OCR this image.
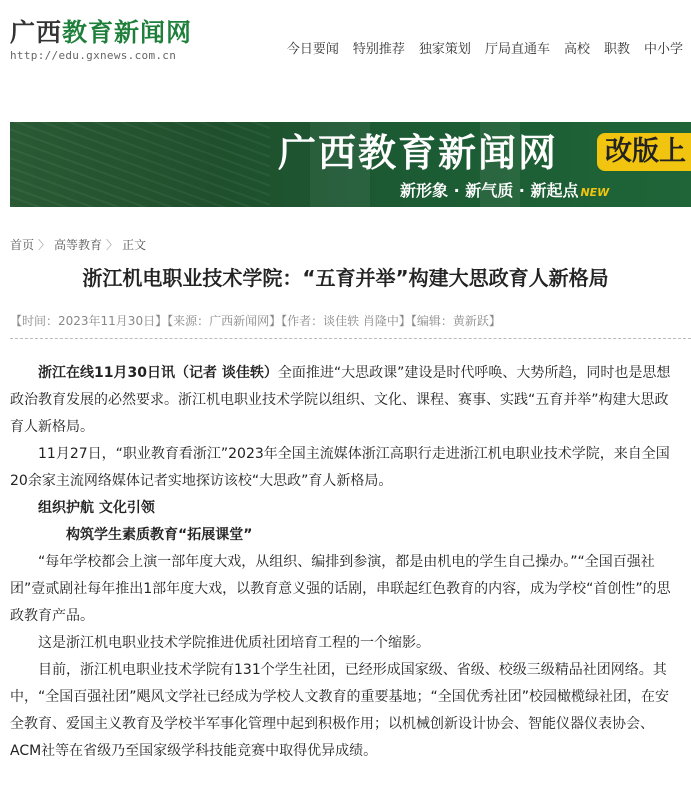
广西教育新闻网
http://edu.gxnews.com.cn	今日要闻 特别推荐 独家策划 厅局直通车 高校 职教 中小学
广西教育新闻网 改版上
新形象 · 新气质 · 新起点 NEW
首页 〉 高等教育 〉 正文
浙江机电职业技术学院：“五育并举”构建大思政育人新格局
【时间：2023年11月30日】【来源：广西新闻网】【作者：谈佳轶 肖隆中】【编辑：黄新跃】

浙江在线11月30日讯（记者 谈佳轶）全面推进“大思政课”建设是时代呼唤、大势所趋，同时也是思想政治教育发展的必然要求。浙江机电职业技术学院以组织、文化、课程、赛事、实践“五育并举”构建大思政育人新格局。

11月27日，“职业教育看浙江”2023年全国主流媒体浙江高职行走进浙江机电职业技术学院，来自全国20余家主流网络媒体记者实地探访该校“大思政”育人新格局。

组织护航 文化引领

构筑学生素质教育“拓展课堂”

“每年学校都会上演一部年度大戏，从组织、编排到参演，都是由机电的学生自己操办。”“全国百强社团”壹贰剧社每年推出1部年度大戏，以教育意义强的话剧，串联起红色教育的内容，成为学校“首创性”的思政教育产品。

这是浙江机电职业技术学院推进优质社团培育工程的一个缩影。

目前，浙江机电职业技术学院有131个学生社团，已经形成国家级、省级、校级三级精品社团网络。其中，“全国百强社团”飓风文学社已经成为学校人文教育的重要基地；“全国优秀社团”校园橄榄绿社团，在安全教育、爱国主义教育及学校半军事化管理中起到积极作用；以机械创新设计协会、智能仪器仪表协会、ACM社等在省级乃至国家级学科技能竞赛中取得优异成绩。
